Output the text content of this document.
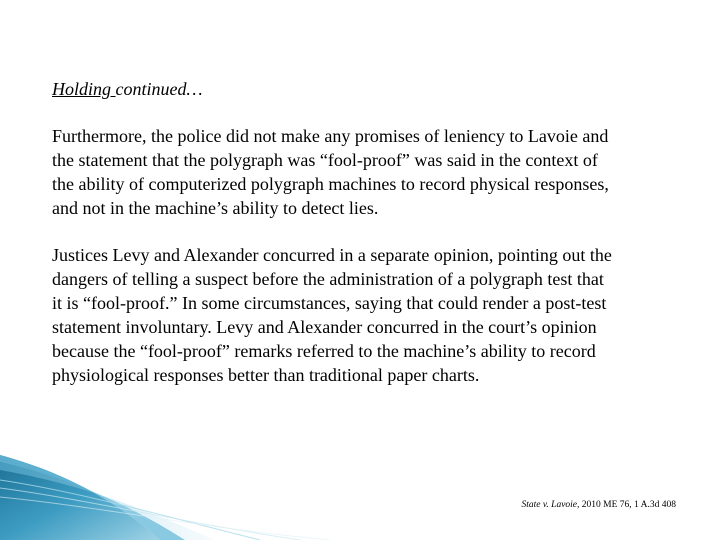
Holding continued…

Furthermore, the police did not make any promises of leniency to Lavoie and
the statement that the polygraph was “fool-proof” was said in the context of
the ability of computerized polygraph machines to record physical responses,
and not in the machine’s ability to detect lies.

Justices Levy and Alexander concurred in a separate opinion, pointing out the
dangers of telling a suspect before the administration of a polygraph test that
it is “fool-proof.” In some circumstances, saying that could render a post-test
statement involuntary. Levy and Alexander concurred in the court’s opinion
because the “fool-proof” remarks referred to the machine’s ability to record
physiological responses better than traditional paper charts.

State v. Lavoie, 2010 ME 76, 1 A.3d 408
